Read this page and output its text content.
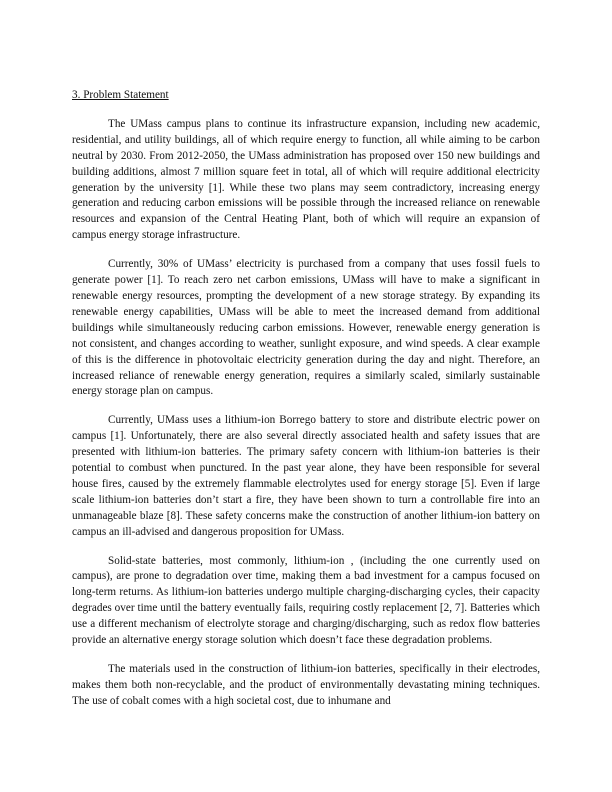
3. Problem Statement

The UMass campus plans to continue its infrastructure expansion, including new academic, residential, and utility buildings, all of which require energy to function, all while aiming to be carbon neutral by 2030. From 2012-2050, the UMass administration has proposed over 150 new buildings and building additions, almost 7 million square feet in total, all of which will require additional electricity generation by the university [1]. While these two plans may seem contradictory, increasing energy generation and reducing carbon emissions will be possible through the increased reliance on renewable resources and expansion of the Central Heating Plant, both of which will require an expansion of campus energy storage infrastructure.

Currently, 30% of UMass’ electricity is purchased from a company that uses fossil fuels to generate power [1]. To reach zero net carbon emissions, UMass will have to make a significant in renewable energy resources, prompting the development of a new storage strategy. By expanding its renewable energy capabilities, UMass will be able to meet the increased demand from additional buildings while simultaneously reducing carbon emissions. However, renewable energy generation is not consistent, and changes according to weather, sunlight exposure, and wind speeds. A clear example of this is the difference in photovoltaic electricity generation during the day and night. Therefore, an increased reliance of renewable energy generation, requires a similarly scaled, similarly sustainable energy storage plan on campus.

Currently, UMass uses a lithium-ion Borrego battery to store and distribute electric power on campus [1]. Unfortunately, there are also several directly associated health and safety issues that are presented with lithium-ion batteries. The primary safety concern with lithium-ion batteries is their potential to combust when punctured. In the past year alone, they have been responsible for several house fires, caused by the extremely flammable electrolytes used for energy storage [5]. Even if large scale lithium-ion batteries don’t start a fire, they have been shown to turn a controllable fire into an unmanageable blaze [8]. These safety concerns make the construction of another lithium-ion battery on campus an ill-advised and dangerous proposition for UMass.

Solid-state batteries, most commonly, lithium-ion , (including the one currently used on campus), are prone to degradation over time, making them a bad investment for a campus focused on long-term returns. As lithium-ion batteries undergo multiple charging-discharging cycles, their capacity degrades over time until the battery eventually fails, requiring costly replacement [2, 7]. Batteries which use a different mechanism of electrolyte storage and charging/discharging, such as redox flow batteries provide an alternative energy storage solution which doesn’t face these degradation problems.

The materials used in the construction of lithium-ion batteries, specifically in their electrodes, makes them both non-recyclable, and the product of environmentally devastating mining techniques. The use of cobalt comes with a high societal cost, due to inhumane and
